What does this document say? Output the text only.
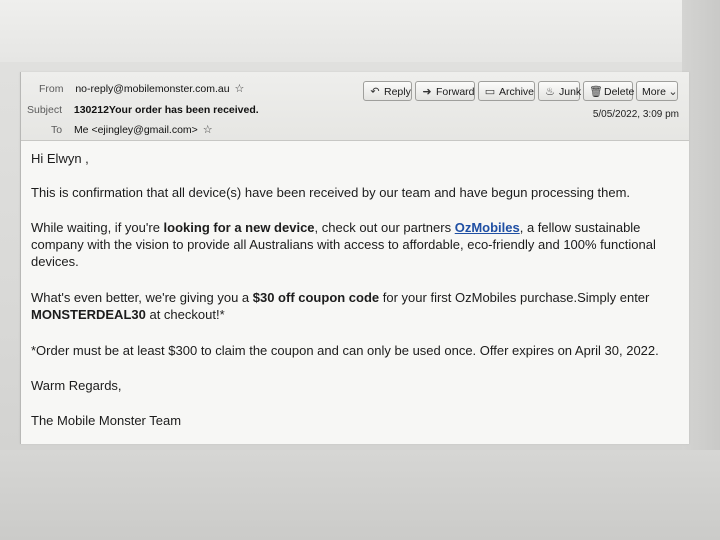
From no-reply@mobilemonster.com.au ☆
Subject 130212Your order has been received.
To Me <ejingley@gmail.com> ☆
↶ Reply	➜ Forward ▭ Archive	♨ Junk 🗑Delete More ⌄
5/05/2022, 3:09 pm

Hi Elwyn ,

This is confirmation that all device(s) have been received by our team and have begun processing them.

While waiting, if you're looking for a new device, check out our partners OzMobiles, a fellow sustainable company with the vision to provide all Australians with access to affordable, eco-friendly and 100% functional devices.

What's even better, we're giving you a $30 off coupon code for your first OzMobiles purchase.Simply enter MONSTERDEAL30 at checkout!*

*Order must be at least $300 to claim the coupon and can only be used once. Offer expires on April 30, 2022.

Warm Regards,

The Mobile Monster Team
